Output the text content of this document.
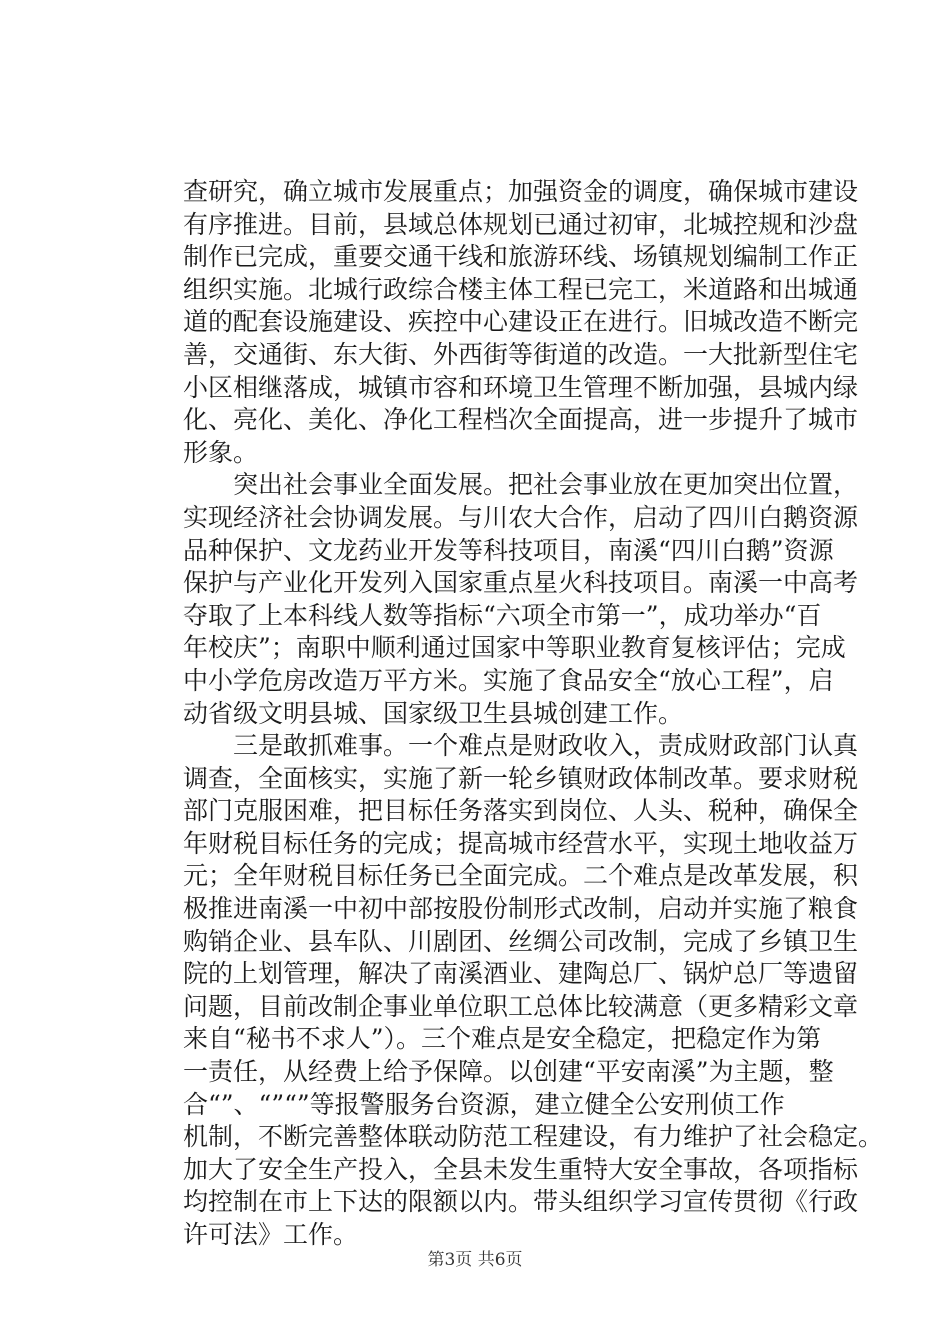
查研究，确立城市发展重点；加强资金的调度，确保城市建设
有序推进。目前，县域总体规划已通过初审，北城控规和沙盘
制作已完成，重要交通干线和旅游环线、场镇规划编制工作正
组织实施。北城行政综合楼主体工程已完工，米道路和出城通
道的配套设施建设、疾控中心建设正在进行。旧城改造不断完
善，交通街、东大街、外西街等街道的改造。一大批新型住宅
小区相继落成，城镇市容和环境卫生管理不断加强，县城内绿
化、亮化、美化、净化工程档次全面提高，进一步提升了城市
形象。
　　突出社会事业全面发展。把社会事业放在更加突出位置，
实现经济社会协调发展。与川农大合作，启动了四川白鹅资源
品种保护、文龙药业开发等科技项目，南溪“四川白鹅”资源
保护与产业化开发列入国家重点星火科技项目。南溪一中高考
夺取了上本科线人数等指标“六项全市第一”，成功举办“百
年校庆”；南职中顺利通过国家中等职业教育复核评估；完成
中小学危房改造万平方米。实施了食品安全“放心工程”，启
动省级文明县城、国家级卫生县城创建工作。
　　三是敢抓难事。一个难点是财政收入，责成财政部门认真
调查，全面核实，实施了新一轮乡镇财政体制改革。要求财税
部门克服困难，把目标任务落实到岗位、人头、税种，确保全
年财税目标任务的完成；提高城市经营水平，实现土地收益万
元；全年财税目标任务已全面完成。二个难点是改革发展，积
极推进南溪一中初中部按股份制形式改制，启动并实施了粮食
购销企业、县车队、川剧团、丝绸公司改制，完成了乡镇卫生
院的上划管理，解决了南溪酒业、建陶总厂、锅炉总厂等遗留
问题，目前改制企事业单位职工总体比较满意（更多精彩文章
来自“秘书不求人”）。三个难点是安全稳定，把稳定作为第
一责任，从经费上给予保障。以创建“平安南溪”为主题，整
合“”、“”“”等报警服务台资源，建立健全公安刑侦工作
机制，不断完善整体联动防范工程建设，有力维护了社会稳定。
加大了安全生产投入，全县未发生重特大安全事故，各项指标
均控制在市上下达的限额以内。带头组织学习宣传贯彻《行政
许可法》工作。
第3页 共6页
